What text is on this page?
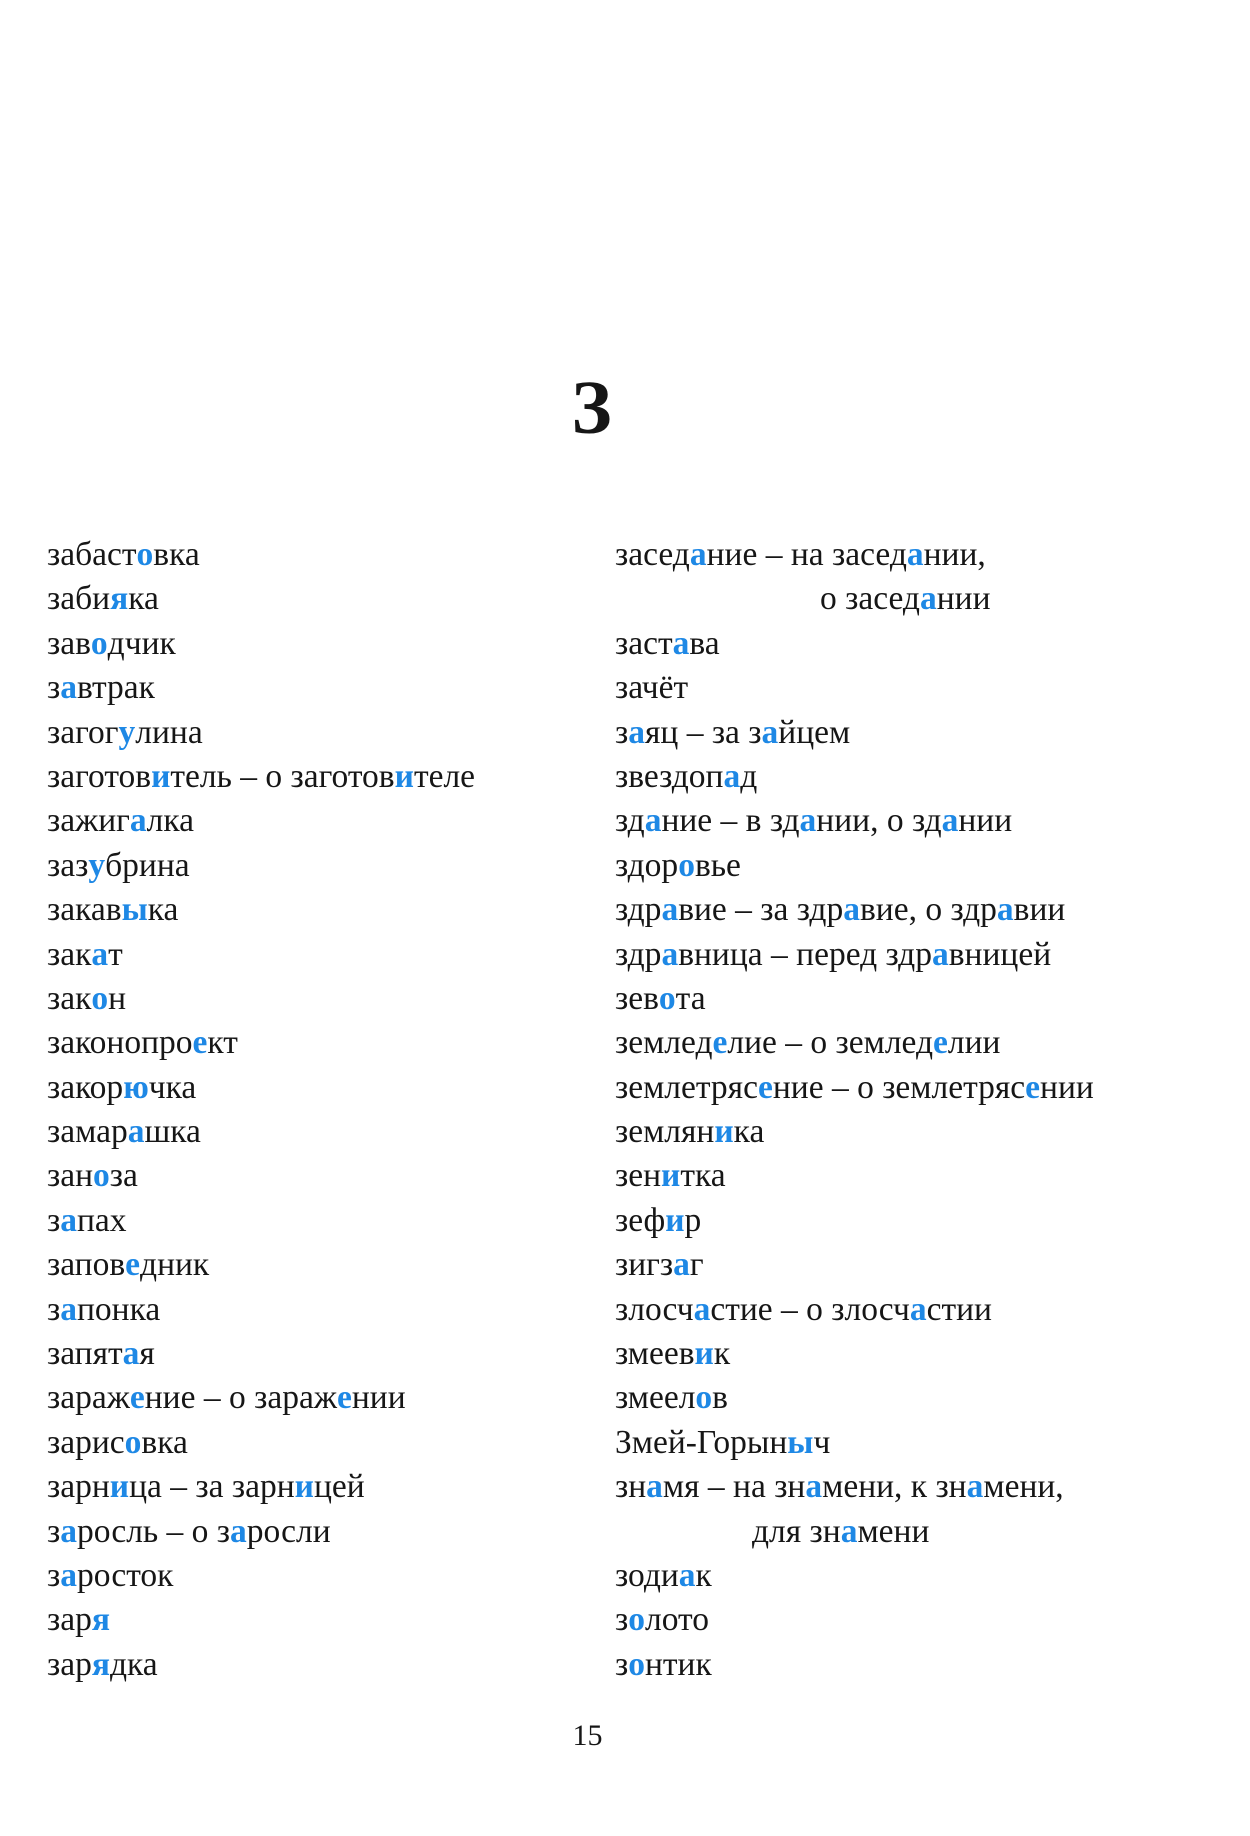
З
забастовка
забияка
заводчик
завтрак
загогулина
заготовитель – о заготовителе
зажигалка
зазубрина
закавыка
закат
закон
законопроект
закорючка
замарашка
заноза
запах
заповедник
запонка
запятая
заражение – о заражении
зарисовка
зарница – за зарницей
заросль – о заросли
заросток
заря
зарядка
заседание – на заседании,
о заседании
застава
зачёт
заяц – за зайцем
звездопад
здание – в здании, о здании
здоровье
здравие – за здравие, о здравии
здравница – перед здравницей
зевота
земледелие – о земледелии
землетрясение – о землетрясении
земляника
зенитка
зефир
зигзаг
злосчастие – о злосчастии
змеевик
змеелов
Змей-Горыныч
знамя – на знамени, к знамени,
для знамени
зодиак
золото
зонтик
15
